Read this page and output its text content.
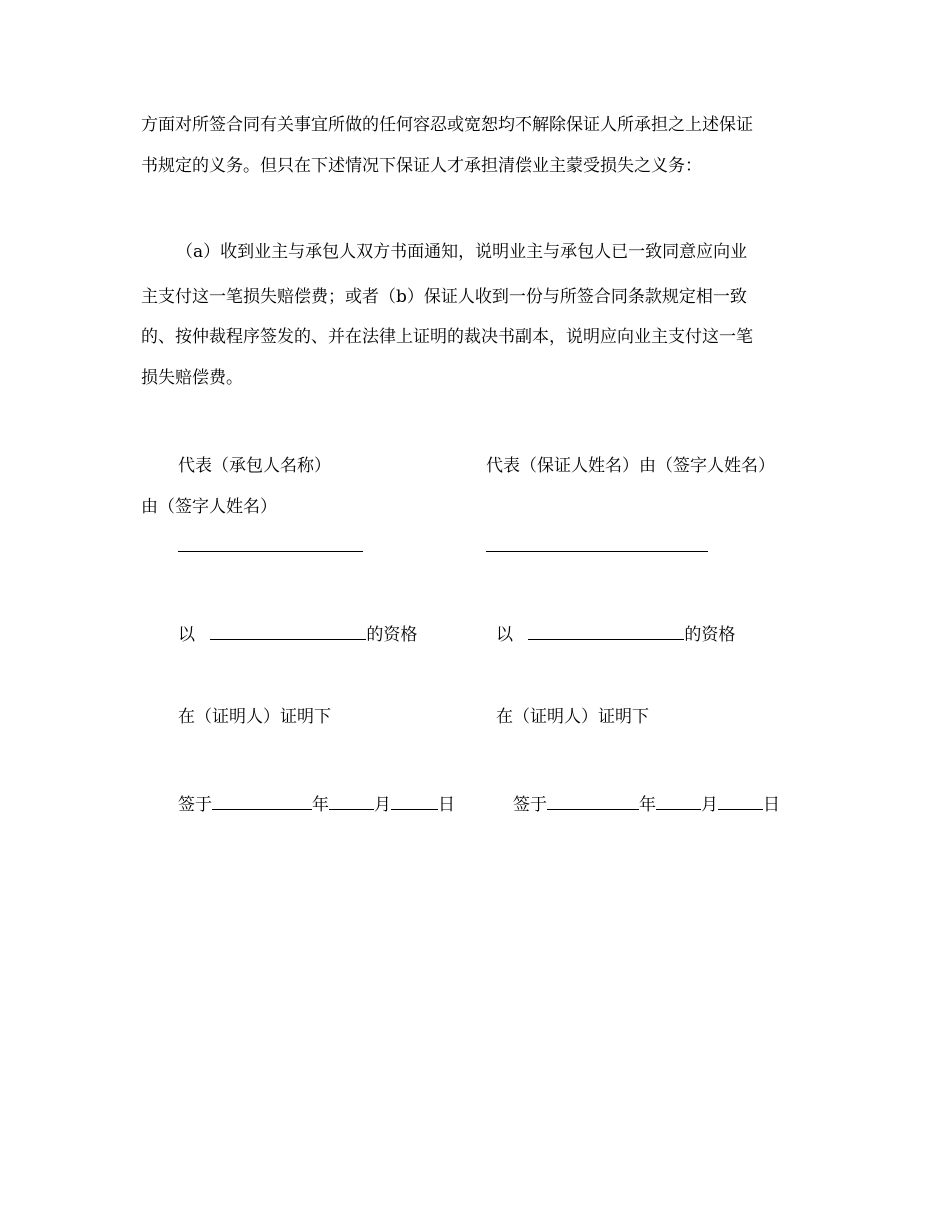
方面对所签合同有关事宜所做的任何容忍或宽恕均不解除保证人所承担之上述保证
书规定的义务。但只在下述情况下保证人才承担清偿业主蒙受损失之义务：
（a）收到业主与承包人双方书面通知，说明业主与承包人已一致同意应向业
主支付这一笔损失赔偿费；或者（b）保证人收到一份与所签合同条款规定相一致
的、按仲裁程序签发的、并在法律上证明的裁决书副本，说明应向业主支付这一笔
损失赔偿费。
代表（承包人名称）	代表（保证人姓名）由（签字人姓名）
由（签字人姓名）
以	的资格	以	的资格
在（证明人）证明下	在（证明人）证明下
签于	年	月	日	签于	年	月	日
